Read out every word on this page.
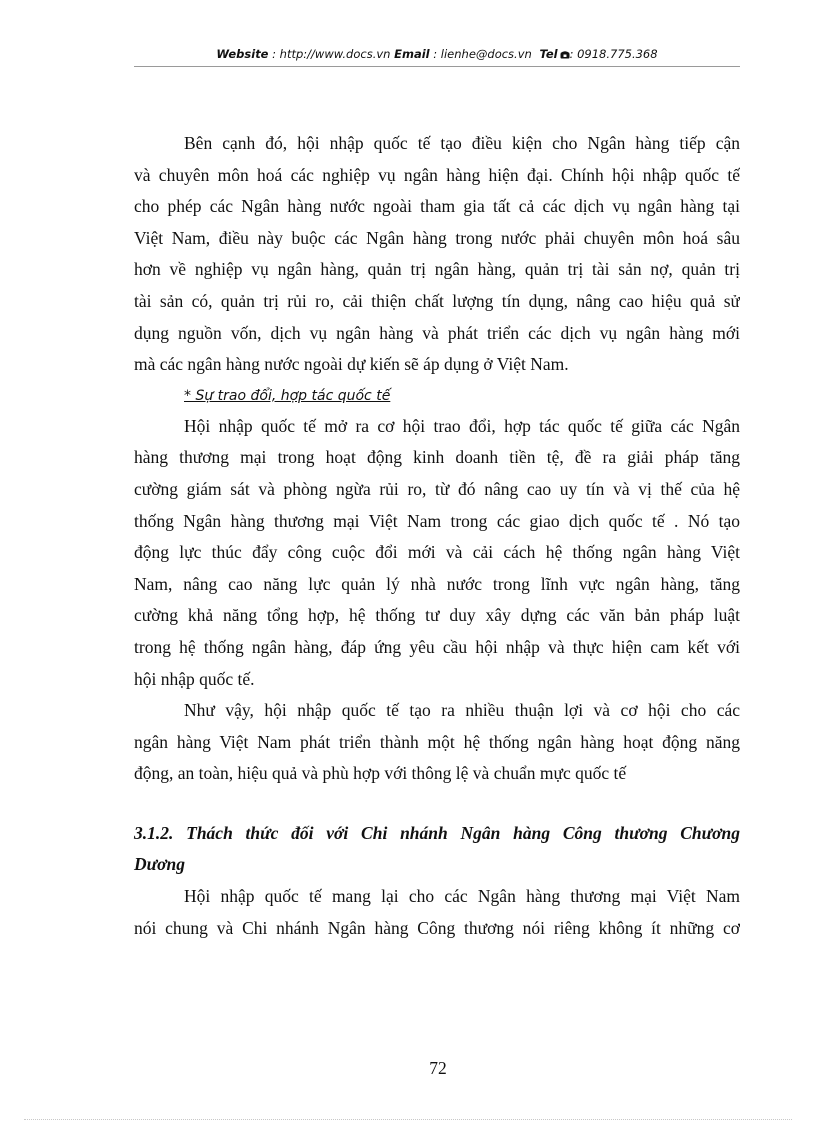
Website : http://www.docs.vn Email : lienhe@docs.vn Tel : 0918.775.368
Bên cạnh đó, hội nhập quốc tế tạo điều kiện cho Ngân hàng tiếp cận
và chuyên môn hoá các nghiệp vụ ngân hàng hiện đại. Chính hội nhập quốc tế
cho phép các Ngân hàng nước ngoài tham gia tất cả các dịch vụ ngân hàng tại
Việt Nam, điều này buộc các Ngân hàng trong nước phải chuyên môn hoá sâu
hơn về nghiệp vụ ngân hàng, quản trị ngân hàng, quản trị tài sản nợ, quản trị
tài sản có, quản trị rủi ro, cải thiện chất lượng tín dụng, nâng cao hiệu quả sử
dụng nguồn vốn, dịch vụ ngân hàng và phát triển các dịch vụ ngân hàng mới
mà các ngân hàng nước ngoài dự kiến sẽ áp dụng ở Việt Nam.
* Sự trao đổi, hợp tác quốc tế
Hội nhập quốc tế mở ra cơ hội trao đổi, hợp tác quốc tế giữa các Ngân
hàng thương mại trong hoạt động kinh doanh tiền tệ, đề ra giải pháp tăng
cường giám sát và phòng ngừa rủi ro, từ đó nâng cao uy tín và vị thế của hệ
thống Ngân hàng thương mại Việt Nam trong các giao dịch quốc tế . Nó tạo
động lực thúc đẩy công cuộc đổi mới và cải cách hệ thống ngân hàng Việt
Nam, nâng cao năng lực quản lý nhà nước trong lĩnh vực ngân hàng, tăng
cường khả năng tổng hợp, hệ thống tư duy xây dựng các văn bản pháp luật
trong hệ thống ngân hàng, đáp ứng yêu cầu hội nhập và thực hiện cam kết với
hội nhập quốc tế.
Như vậy, hội nhập quốc tế tạo ra nhiều thuận lợi và cơ hội cho các
ngân hàng Việt Nam phát triển thành một hệ thống ngân hàng hoạt động năng
động, an toàn, hiệu quả và phù hợp với thông lệ và chuẩn mực quốc tế
3.1.2. Thách thức đối với Chi nhánh Ngân hàng Công thương Chương
Dương
Hội nhập quốc tế mang lại cho các Ngân hàng thương mại Việt Nam
nói chung và Chi nhánh Ngân hàng Công thương nói riêng không ít những cơ
72
